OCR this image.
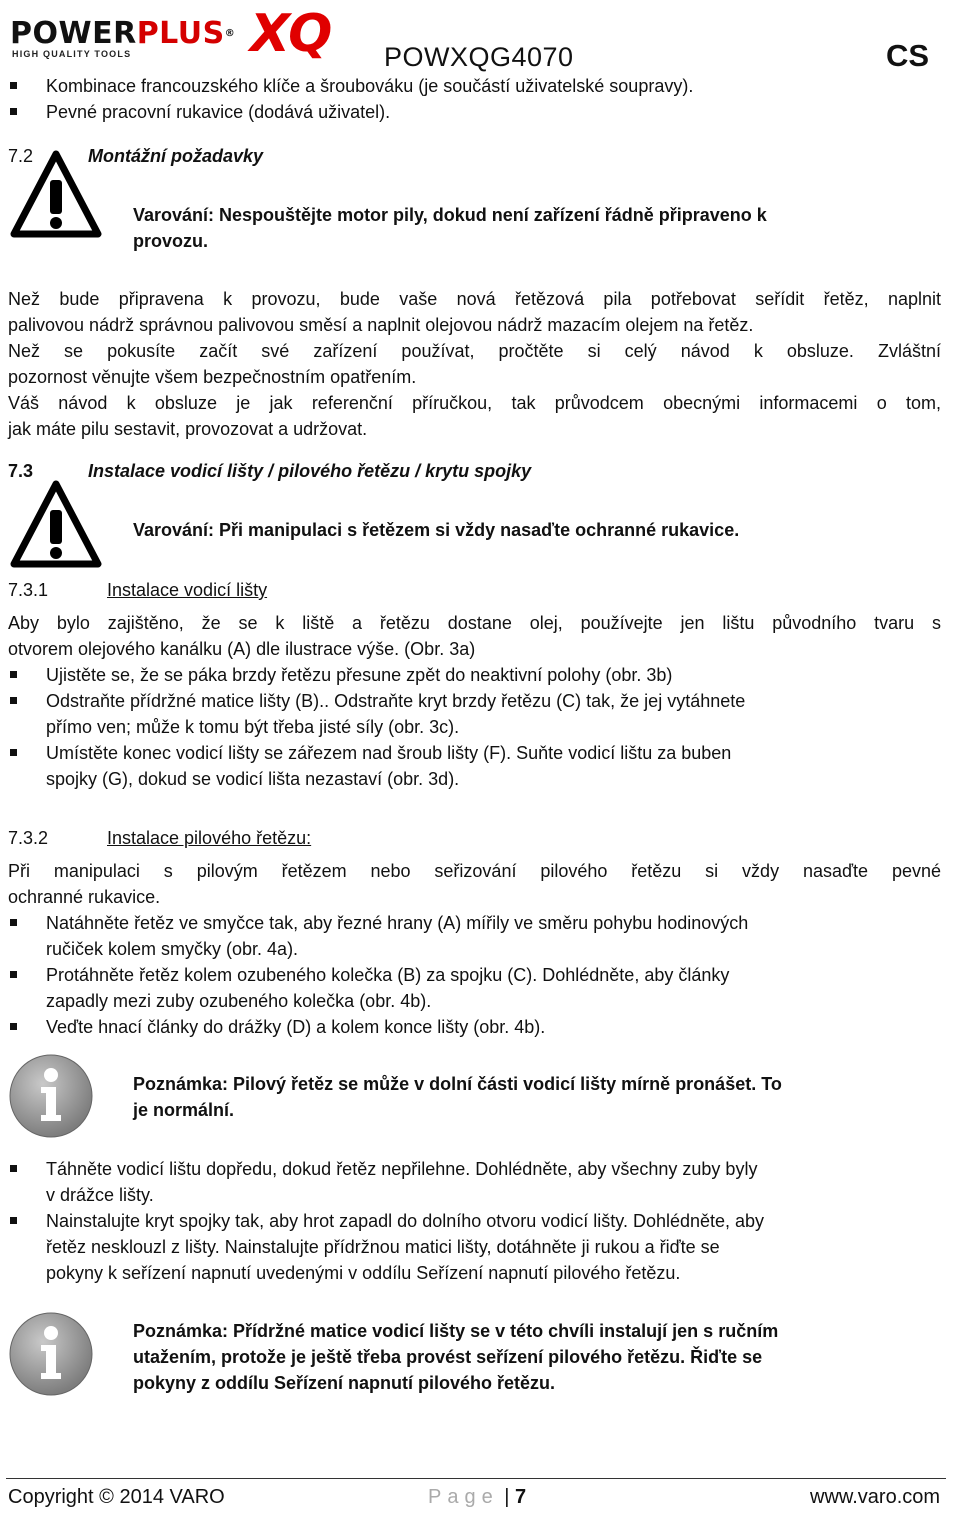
POWERPLUS®
HIGH QUALITY TOOLS XQ POWXQG4070	CS
Kombinace francouzského klíče a šroubováku (je součástí uživatelské soupravy).
Pevné pracovní rukavice (dodává uživatel).
7.2	Montážní požadavky
Varování: Nespouštějte motor pily, dokud není zařízení řádně připraveno k
provozu.
Než bude připravena k provozu, bude vaše nová řetězová pila potřebovat seřídit řetěz, naplnit
palivovou nádrž správnou palivovou směsí a naplnit olejovou nádrž mazacím olejem na řetěz.
Než se pokusíte začít své zařízení používat, pročtěte si celý návod k obsluze. Zvláštní
pozornost věnujte všem bezpečnostním opatřením.
Váš návod k obsluze je jak referenční příručkou, tak průvodcem obecnými informacemi o tom,
jak máte pilu sestavit, provozovat a udržovat.
7.3	Instalace vodicí lišty / pilového řetězu / krytu spojky
Varování: Při manipulaci s řetězem si vždy nasaďte ochranné rukavice.
7.3.1	Instalace vodicí lišty
Aby bylo zajištěno, že se k liště a řetězu dostane olej, používejte jen lištu původního tvaru s
otvorem olejového kanálku (A) dle ilustrace výše. (Obr. 3a)
Ujistěte se, že se páka brzdy řetězu přesune zpět do neaktivní polohy (obr. 3b)
Odstraňte přídržné matice lišty (B).. Odstraňte kryt brzdy řetězu (C) tak, že jej vytáhnete
přímo ven; může k tomu být třeba jisté síly (obr. 3c).
Umístěte konec vodicí lišty se zářezem nad šroub lišty (F). Suňte vodicí lištu za buben
spojky (G), dokud se vodicí lišta nezastaví (obr. 3d).
7.3.2	Instalace pilového řetězu:
Při manipulaci s pilovým řetězem nebo seřizování pilového řetězu si vždy nasaďte pevné
ochranné rukavice.
Natáhněte řetěz ve smyčce tak, aby řezné hrany (A) mířily ve směru pohybu hodinových
ručiček kolem smyčky (obr. 4a).
Protáhněte řetěz kolem ozubeného kolečka (B) za spojku (C). Dohlédněte, aby články
zapadly mezi zuby ozubeného kolečka (obr. 4b).
Veďte hnací články do drážky (D) a kolem konce lišty (obr. 4b).
Poznámka: Pilový řetěz se může v dolní části vodicí lišty mírně pronášet. To
je normální.
Táhněte vodicí lištu dopředu, dokud řetěz nepřilehne. Dohlédněte, aby všechny zuby byly
v drážce lišty.
Nainstalujte kryt spojky tak, aby hrot zapadl do dolního otvoru vodicí lišty. Dohlédněte, aby
řetěz nesklouzl z lišty. Nainstalujte přídržnou matici lišty, dotáhněte ji rukou a řiďte se
pokyny k seřízení napnutí uvedenými v oddílu Seřízení napnutí pilového řetězu.
Poznámka: Přídržné matice vodicí lišty se v této chvíli instalují jen s ručním
utažením, protože je ještě třeba provést seřízení pilového řetězu. Řiďte se
pokyny z oddílu Seřízení napnutí pilového řetězu.
Copyright © 2014 VARO	Page | 7	www.varo.com
